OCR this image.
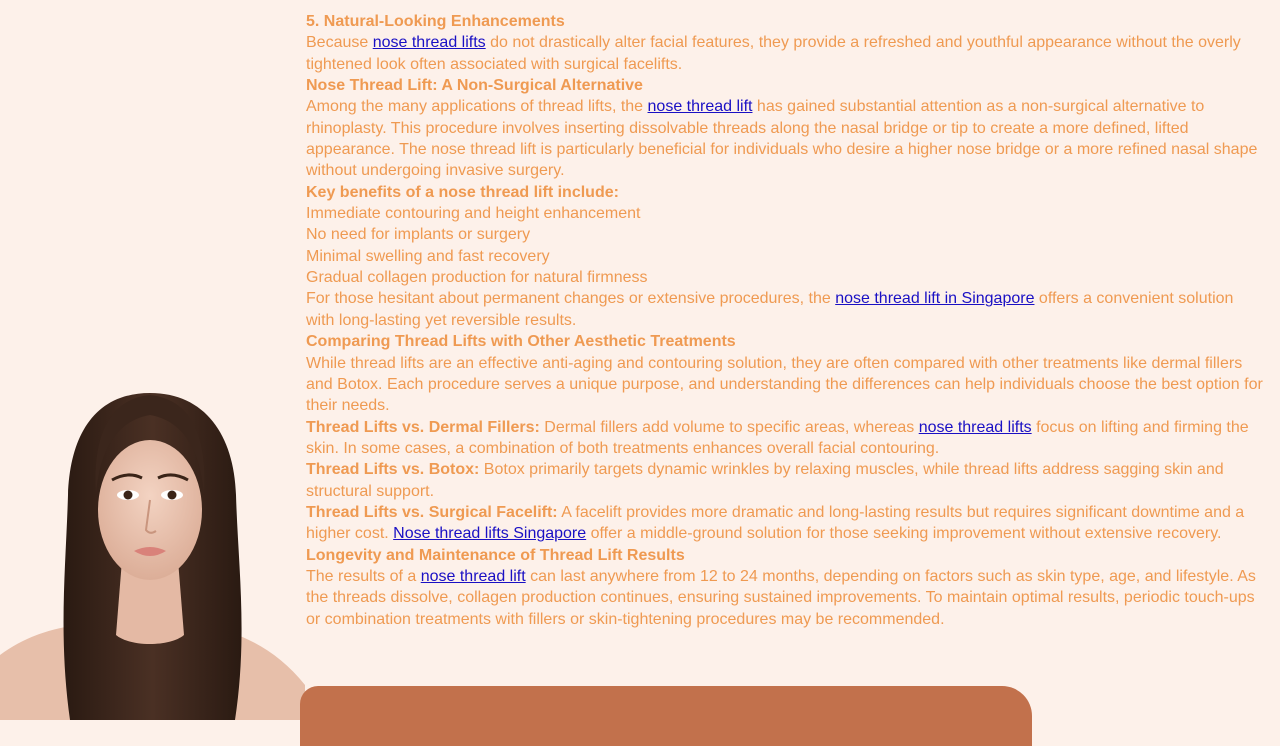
5. Natural-Looking Enhancements

Because nose thread lifts do not drastically alter facial features, they provide a refreshed and youthful appearance without the overly tightened look often associated with surgical facelifts.

Nose Thread Lift: A Non-Surgical Alternative

Among the many applications of thread lifts, the nose thread lift has gained substantial attention as a non-surgical alternative to rhinoplasty. This procedure involves inserting dissolvable threads along the nasal bridge or tip to create a more defined, lifted appearance. The nose thread lift is particularly beneficial for individuals who desire a higher nose bridge or a more refined nasal shape without undergoing invasive surgery.

Key benefits of a nose thread lift include:

Immediate contouring and height enhancement

No need for implants or surgery

Minimal swelling and fast recovery

Gradual collagen production for natural firmness

For those hesitant about permanent changes or extensive procedures, the nose thread lift in Singapore offers a convenient solution with long-lasting yet reversible results.

Comparing Thread Lifts with Other Aesthetic Treatments

While thread lifts are an effective anti-aging and contouring solution, they are often compared with other treatments like dermal fillers and Botox. Each procedure serves a unique purpose, and understanding the differences can help individuals choose the best option for their needs.

Thread Lifts vs. Dermal Fillers: Dermal fillers add volume to specific areas, whereas nose thread lifts focus on lifting and firming the skin. In some cases, a combination of both treatments enhances overall facial contouring.

Thread Lifts vs. Botox: Botox primarily targets dynamic wrinkles by relaxing muscles, while thread lifts address sagging skin and structural support.

Thread Lifts vs. Surgical Facelift: A facelift provides more dramatic and long-lasting results but requires significant downtime and a higher cost. Nose thread lifts Singapore offer a middle-ground solution for those seeking improvement without extensive recovery.

Longevity and Maintenance of Thread Lift Results

The results of a nose thread lift can last anywhere from 12 to 24 months, depending on factors such as skin type, age, and lifestyle. As the threads dissolve, collagen production continues, ensuring sustained improvements. To maintain optimal results, periodic touch-ups or combination treatments with fillers or skin-tightening procedures may be recommended.
